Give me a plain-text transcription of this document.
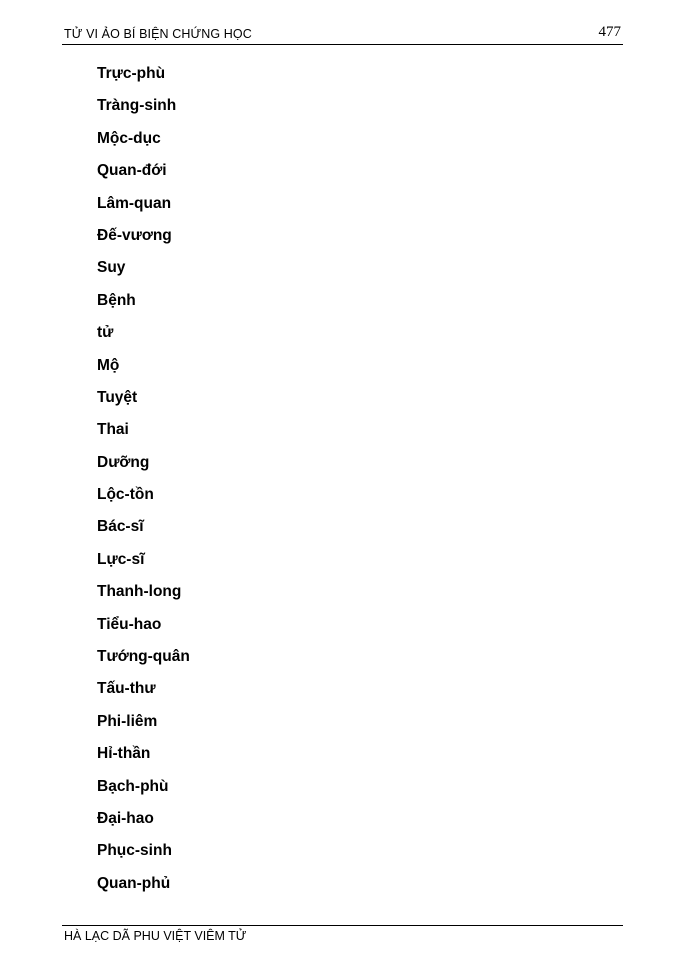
TỬ VI ẢO BÍ BIỆN CHỨNG HỌC	477
Trực-phù
Tràng-sinh
Mộc-dục
Quan-đới
Lâm-quan
Đế-vương
Suy
Bệnh
tử
Mộ
Tuyệt
Thai
Dưỡng
Lộc-tồn
Bác-sĩ
Lực-sĩ
Thanh-long
Tiểu-hao
Tướng-quân
Tấu-thư
Phi-liêm
Hỉ-thần
Bạch-phù
Đại-hao
Phục-sinh
Quan-phủ
HÀ LẠC DÃ PHU VIỆT VIÊM TỬ
